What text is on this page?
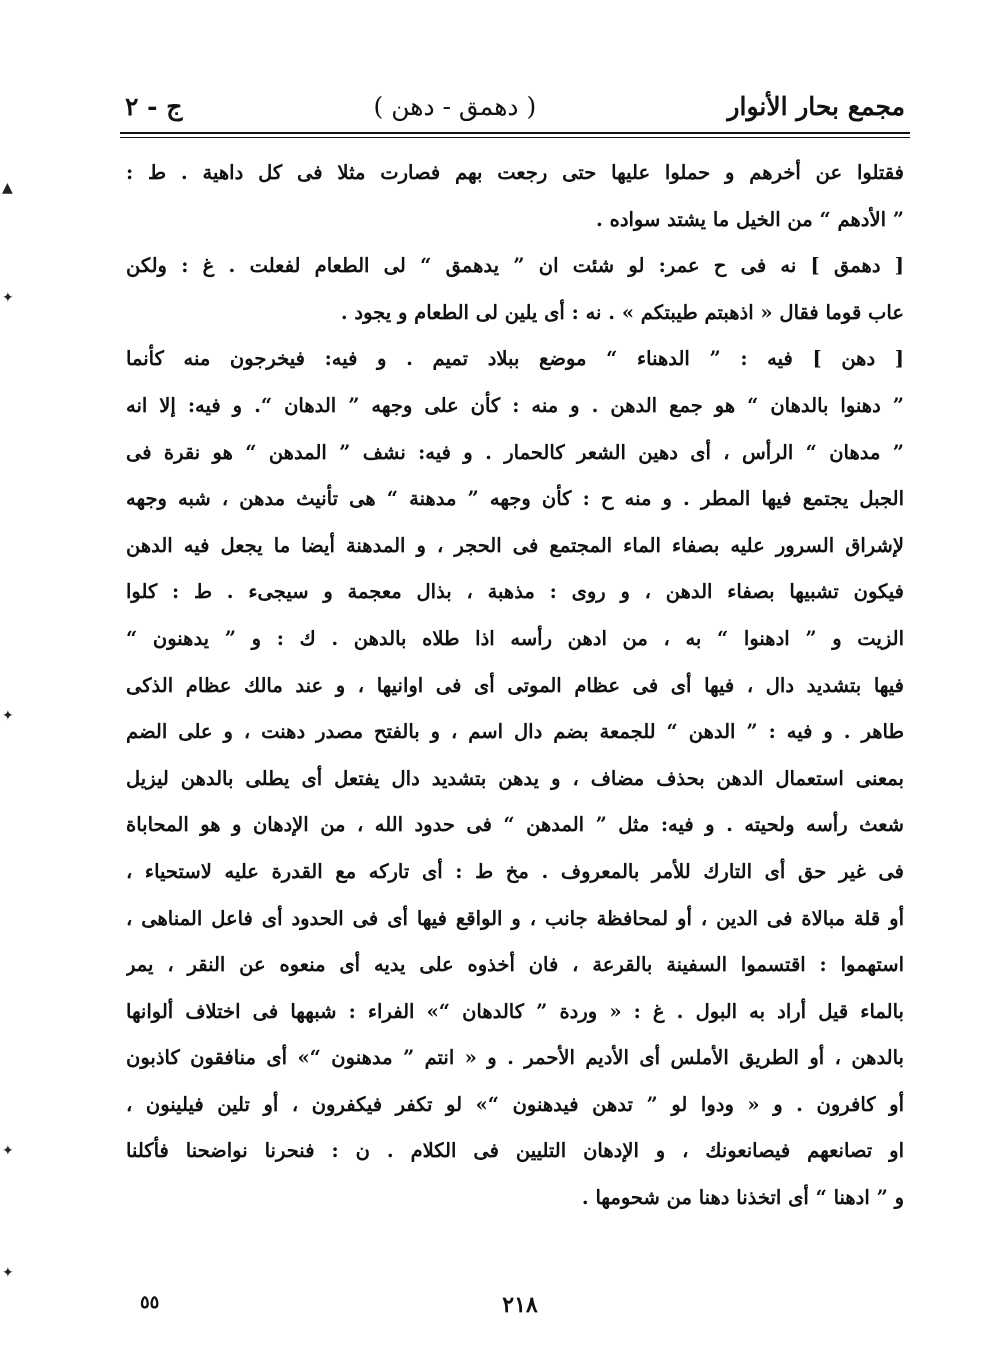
مجمع بحار الأنوار
( دهمق - دهن )
ج - ٢
فقتلوا عن أخرهم و حملوا عليها حتى رجعت بهم فصارت مثلا فى كل داهية . ط :
” الأدهم “ من الخيل ما يشتد سواده .
[ دهمق ] نه فى ح عمر: لو شئت ان ” يدهمق “ لى الطعام لفعلت . غ : ولكن
عاب قوما فقال « اذهبتم طيبتكم » . نه : أى يلين لى الطعام و يجود .
[ دهن ] فيه : ” الدهناء “ موضع ببلاد تميم . و فيه: فيخرجون منه كأنما
” دهنوا بالدهان “ هو جمع الدهن . و منه : كأن على وجهه ” الدهان “. و فيه: إلا انه
” مدهان “ الرأس ، أى دهين الشعر كالحمار . و فيه: نشف ” المدهن “ هو نقرة فى
الجبل يجتمع فيها المطر . و منه ح : كأن وجهه ” مدهنة “ هى تأنيث مدهن ، شبه وجهه
لإشراق السرور عليه بصفاء الماء المجتمع فى الحجر ، و المدهنة أيضا ما يجعل فيه الدهن
فيكون تشبيها بصفاء الدهن ، و روى : مذهبة ، بذال معجمة و سيجىء . ط : كلوا
الزيت و ” ادهنوا “ به ، من ادهن رأسه اذا طلاه بالدهن . ك : و ” يدهنون “
فيها بتشديد دال ، فيها أى فى عظام الموتى أى فى اوانيها ، و عند مالك عظام الذكى
طاهر . و فيه : ” الدهن “ للجمعة بضم دال اسم ، و بالفتح مصدر دهنت ، و على الضم
بمعنى استعمال الدهن بحذف مضاف ، و يدهن بتشديد دال يفتعل أى يطلى بالدهن ليزيل
شعث رأسه ولحيته . و فيه: مثل ” المدهن “ فى حدود الله ، من الإدهان و هو المحاباة
فى غير حق أى التارك للأمر بالمعروف . مخ ط : أى تاركه مع القدرة عليه لاستحياء ،
أو قلة مبالاة فى الدين ، أو لمحافظة جانب ، و الواقع فيها أى فى الحدود أى فاعل المناهى ،
استهموا : اقتسموا السفينة بالقرعة ، فان أخذوه على يديه أى منعوه عن النقر ، يمر
بالماء قيل أراد به البول . غ : « وردة ” كالدهان “» الفراء : شبهها فى اختلاف ألوانها
بالدهن ، أو الطريق الأملس أى الأديم الأحمر . و « انتم ” مدهنون “» أى منافقون كاذبون
أو كافرون . و « ودوا لو ” تدهن فيدهنون “» لو تكفر فيكفرون ، أو تلين فيلينون ،
او تصانعهم فيصانعونك ، و الإدهان التليين فى الكلام . ن : فنحرنا نواضحنا فأكلنا
و ” ادهنا “ أى اتخذنا دهنا من شحومها .
٢١٨
٥٥
▲
✦
✦
✦
✦
